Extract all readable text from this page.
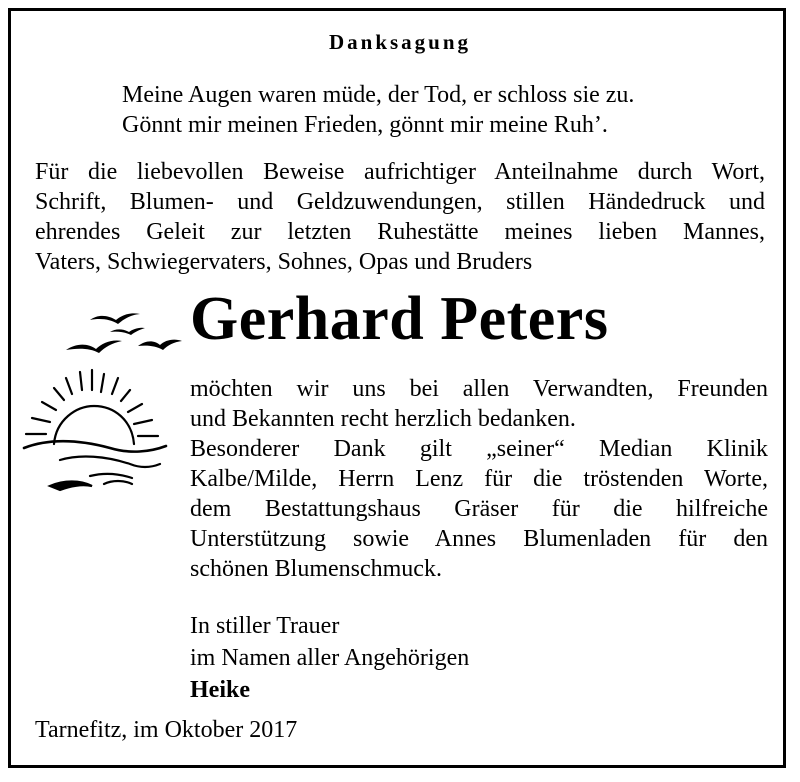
Danksagung
Meine Augen waren müde, der Tod, er schloss sie zu.
Gönnt mir meinen Frieden, gönnt mir meine Ruh’.
Für die liebevollen Beweise aufrichtiger Anteilnahme durch Wort,
Schrift, Blumen- und Geldzuwendungen, stillen Händedruck und
ehrendes Geleit zur letzten Ruhestätte meines lieben Mannes,
Vaters, Schwiegervaters, Sohnes, Opas und Bruders
Gerhard Peters
möchten wir uns bei allen Verwandten, Freunden
und Bekannten recht herzlich bedanken.
Besonderer Dank gilt „seiner“ Median Klinik
Kalbe/Milde, Herrn Lenz für die tröstenden Worte,
dem Bestattungshaus Gräser für die hilfreiche
Unterstützung sowie Annes Blumenladen für den
schönen Blumenschmuck.
In stiller Trauer
im Namen aller Angehörigen
Heike
Tarnefitz, im Oktober 2017
